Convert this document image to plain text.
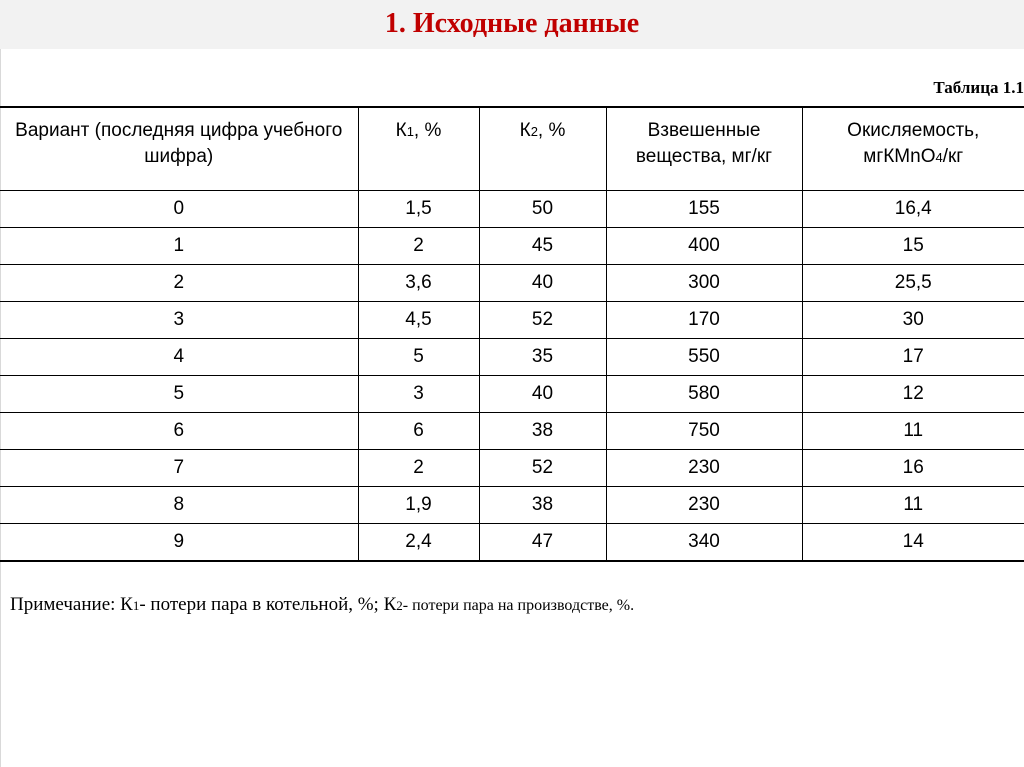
1. Исходные данные
Таблица 1.1
Вариант (последняя цифра учебного шифра)	К1, %	К2, %	Взвешенные вещества, мг/кг	Окисляемость,
мгКМnО4/кг
0	1,5	50	155	16,4
1	2	45	400	15
2	3,6	40	300	25,5
3	4,5	52	170	30
4	5	35	550	17
5	3	40	580	12
6	6	38	750	11
7	2	52	230	16
8	1,9	38	230	11
9	2,4	47	340	14
Примечание: К1- потери пара в котельной, %; К2- потери пара на производстве, %.
